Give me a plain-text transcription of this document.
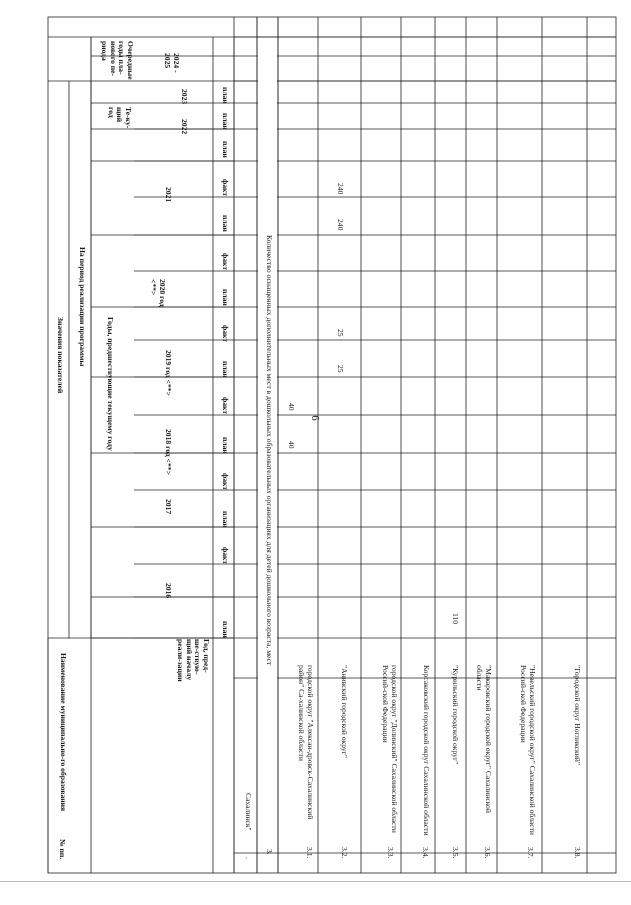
6
№ пп.
Наименование муниципально-го образования	Год, пред-ше-ствую-щий началу реали-зации
Значения показателей На период реализации программы
Годы, предшествующие текущему году
Те-ку-щий год
Очередные годы пла-нового пе-риода
2016
2017
2018 год <**>
2019 год <**>
2020 год <**>
2021
2022
2023
2024 - 2025
план
факт
план
факт
план
факт
план
факт
план
факт
план
факт
план
план
план
.
Сахалинск"
3.
Количество оснащенных дополнительных мест в дошкольных образовательных организациях для детей дошкольного возраста, мест
3.1.
городской округ "Алексан-дровск-Сахалинский район" Са-халинской области
40
40
3.2.
"Анивский городской округ"
25
25
240
240
3.3.
городской округ "Долинский" Сахалинской области Россий-ской Федерации
3.4.
Корсаковский городской округ Сахалинской области
3.5.
"Курильский городской округ"
110
3.6.
"Макаровский городской округ" Сахалинской области
3.7.
"Невельский городской округ" Сахалинской области Россий-ской Федерации
3.8.
"Городской округ Ногликский"
